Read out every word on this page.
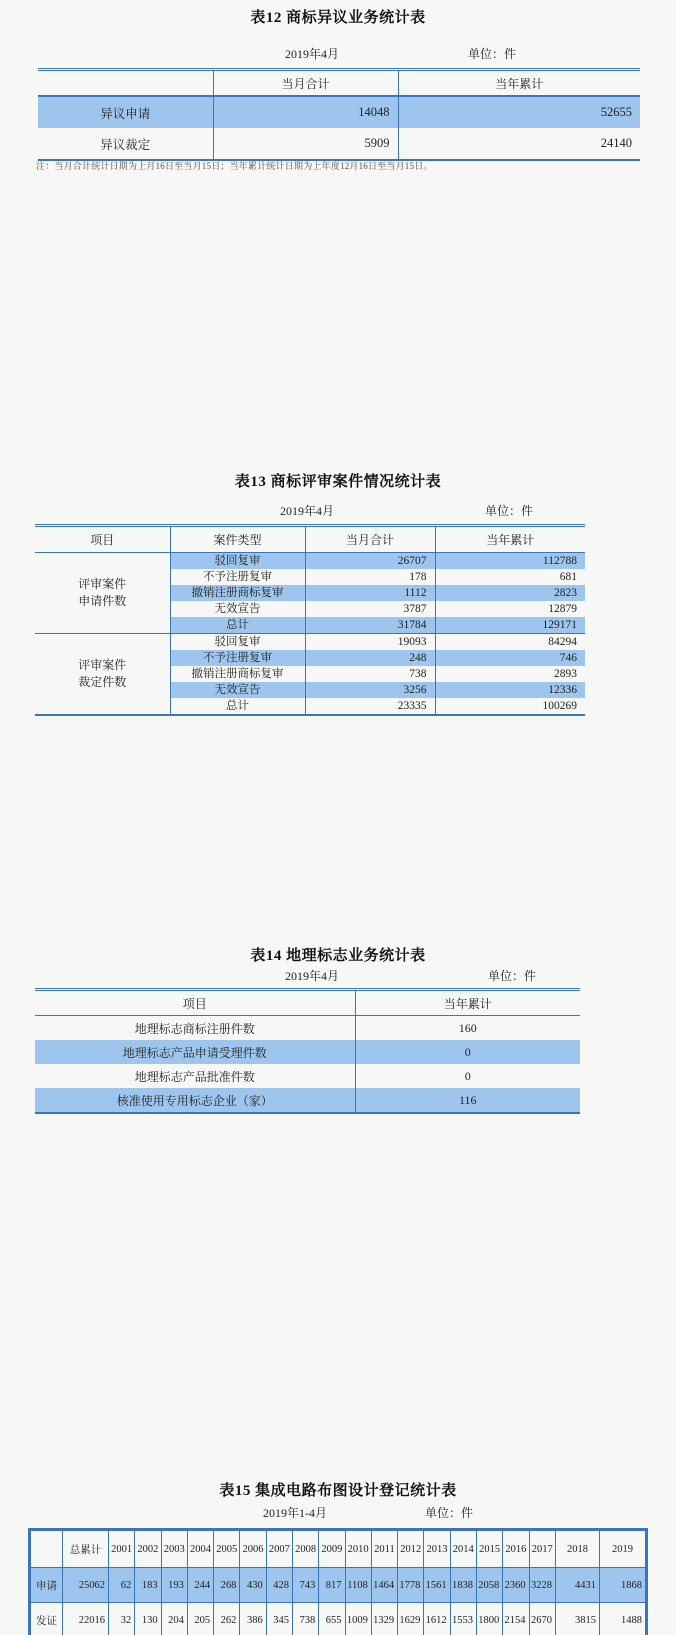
表12 商标异议业务统计表
2019年4月	单位：件
	当月合计	当年累计
异议申请	14048	52655
异议裁定	5909	24140
注：当月合计统计日期为上月16日至当月15日；当年累计统计日期为上年度12月16日至当月15日。
表13 商标评审案件情况统计表
2019年4月	单位：件
项目	案件类型	当月合计	当年累计
评审案件
申请件数	驳回复审	26707	112788
	不予注册复审	178	681
	撤销注册商标复审	1112	2823
	无效宣告	3787	12879
	总计	31784	129171
评审案件
裁定件数	驳回复审	19093	84294
	不予注册复审	248	746
	撤销注册商标复审	738	2893
	无效宣告	3256	12336
	总计	23335	100269
表14 地理标志业务统计表
2019年4月	单位：件
项目	当年累计
地理标志商标注册件数	160
地理标志产品申请受理件数	0
地理标志产品批准件数	0
核准使用专用标志企业（家）	116
表15 集成电路布图设计登记统计表
2019年1-4月	单位：件
	总累计	2001	2002	2003	2004	2005	2006	2007	2008	2009	2010	2011	2012	2013	2014	2015	2016	2017	2018	2019
申请	25062	62	183	193	244	268	430	428	743	817	1108	1464	1778	1561	1838	2058	2360	3228	4431	1868
发证	22016	32	130	204	205	262	386	345	738	655	1009	1329	1629	1612	1553	1800	2154	2670	3815	1488
